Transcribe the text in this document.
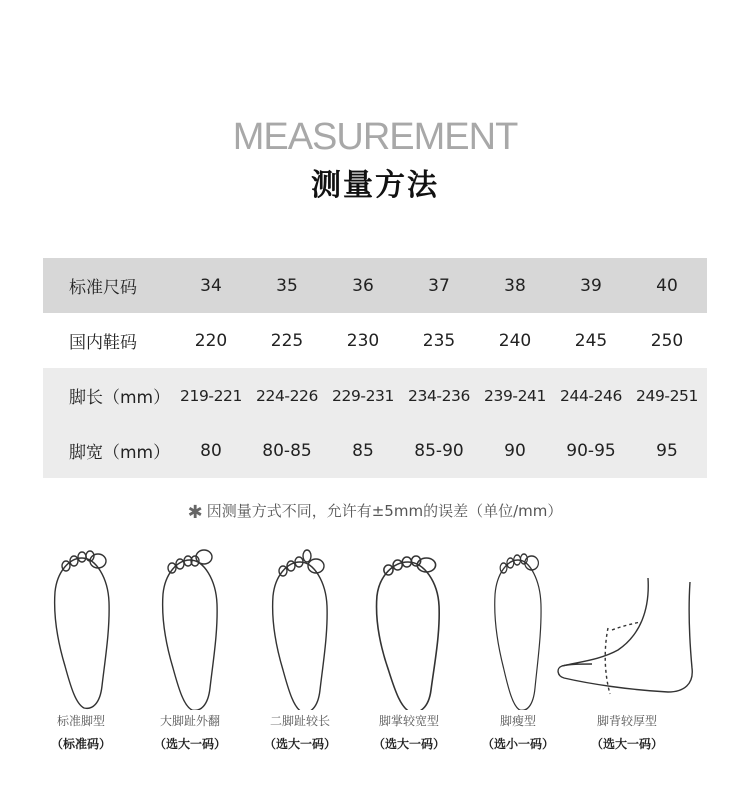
MEASUREMENT
测量方法
标准尺码	34	35	36	37	38	39	40
国内鞋码	220	225	230	235	240	245	250
脚长（mm） 219-221 224-226 229-231 234-236 239-241 244-246 249-251
脚宽（mm）	80	80-85	85	85-90	90	90-95	95
✱ 因测量方式不同，允许有±5mm的误差（单位/mm）
标准脚型
（标准码）
大脚趾外翻
（选大一码）
二脚趾较长
（选大一码）
脚掌较宽型
（选大一码）
脚瘦型
（选小一码）
脚背较厚型
（选大一码）
